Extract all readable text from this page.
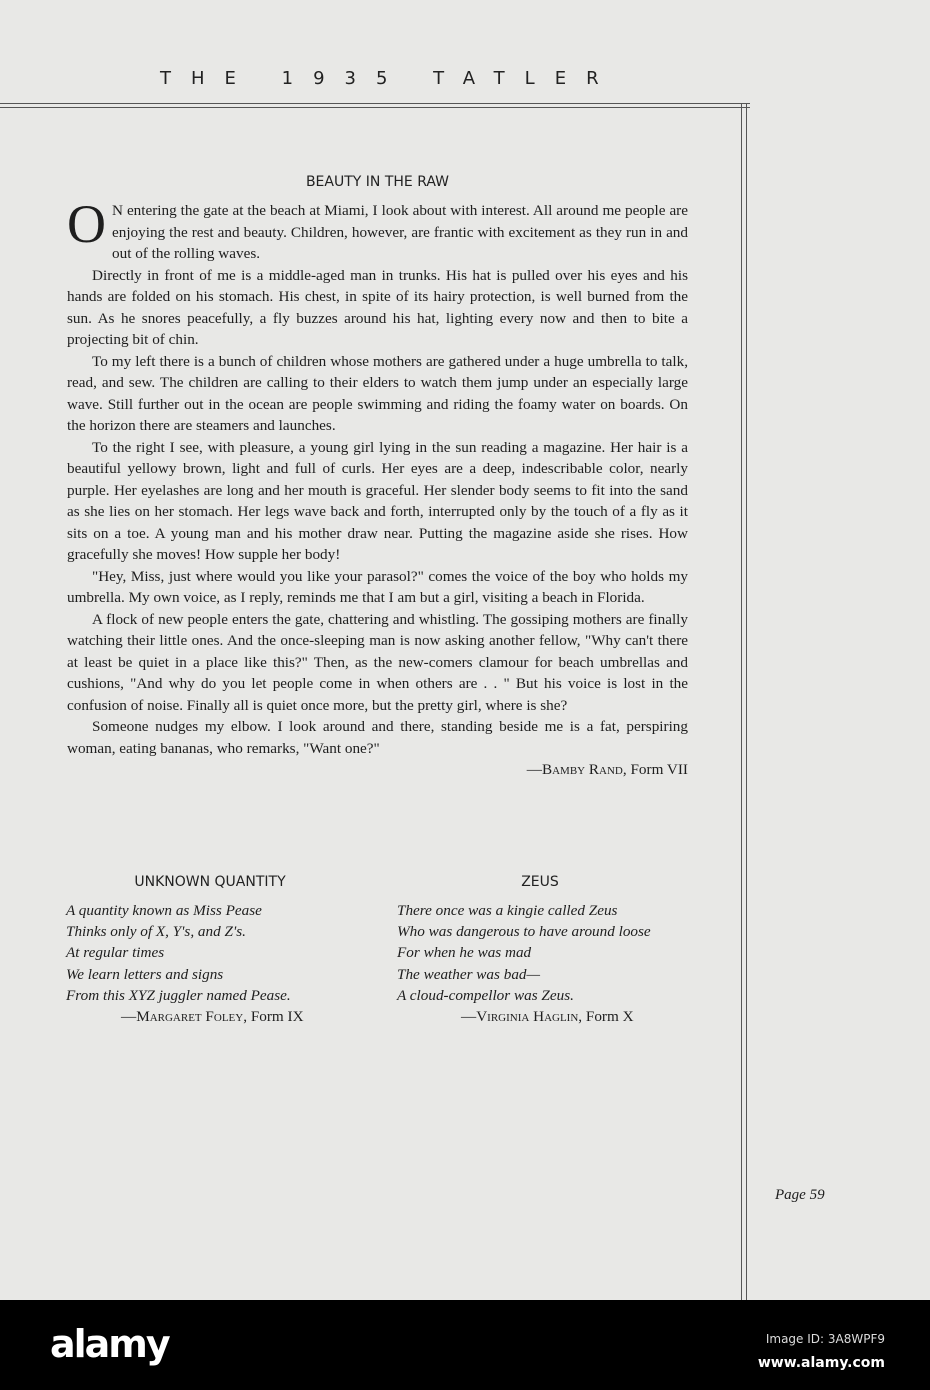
THE 1935 TATLER
BEAUTY IN THE RAW

O N entering the gate at the beach at Miami, I look about with interest. All around me people are enjoying the rest and beauty. Children, however, are frantic with excitement as they run in and out of the rolling waves.

Directly in front of me is a middle-aged man in trunks. His hat is pulled over his eyes and his hands are folded on his stomach. His chest, in spite of its hairy protection, is well burned from the sun. As he snores peacefully, a fly buzzes around his hat, lighting every now and then to bite a projecting bit of chin.

To my left there is a bunch of children whose mothers are gathered under a huge umbrella to talk, read, and sew. The children are calling to their elders to watch them jump under an especially large wave. Still further out in the ocean are people swimming and riding the foamy water on boards. On the horizon there are steamers and launches.

To the right I see, with pleasure, a young girl lying in the sun reading a magazine. Her hair is a beautiful yellowy brown, light and full of curls. Her eyes are a deep, indescribable color, nearly purple. Her eyelashes are long and her mouth is graceful. Her slender body seems to fit into the sand as she lies on her stomach. Her legs wave back and forth, interrupted only by the touch of a fly as it sits on a toe. A young man and his mother draw near. Putting the magazine aside she rises. How gracefully she moves! How supple her body!

"Hey, Miss, just where would you like your parasol?" comes the voice of the boy who holds my umbrella. My own voice, as I reply, reminds me that I am but a girl, visiting a beach in Florida.

A flock of new people enters the gate, chattering and whistling. The gossiping mothers are finally watching their little ones. And the once-sleeping man is now asking another fellow, "Why can't there at least be quiet in a place like this?" Then, as the new-comers clamour for beach umbrellas and cushions, "And why do you let people come in when others are . . " But his voice is lost in the confusion of noise. Finally all is quiet once more, but the pretty girl, where is she?

Someone nudges my elbow. I look around and there, standing beside me is a fat, perspiring woman, eating bananas, who remarks, "Want one?"

—Bamby Rand, Form VII
UNKNOWN QUANTITY
A quantity known as Miss Pease
Thinks only of X, Y's, and Z's.
At regular times
We learn letters and signs
From this XYZ juggler named Pease.
—Margaret Foley, Form IX
ZEUS
There once was a kingie called Zeus
Who was dangerous to have around loose
For when he was mad
The weather was bad—
A cloud-compellor was Zeus.
—Virginia Haglin, Form X
Page 59
alamy	Image ID: 3A8WPF9
www.alamy.com
